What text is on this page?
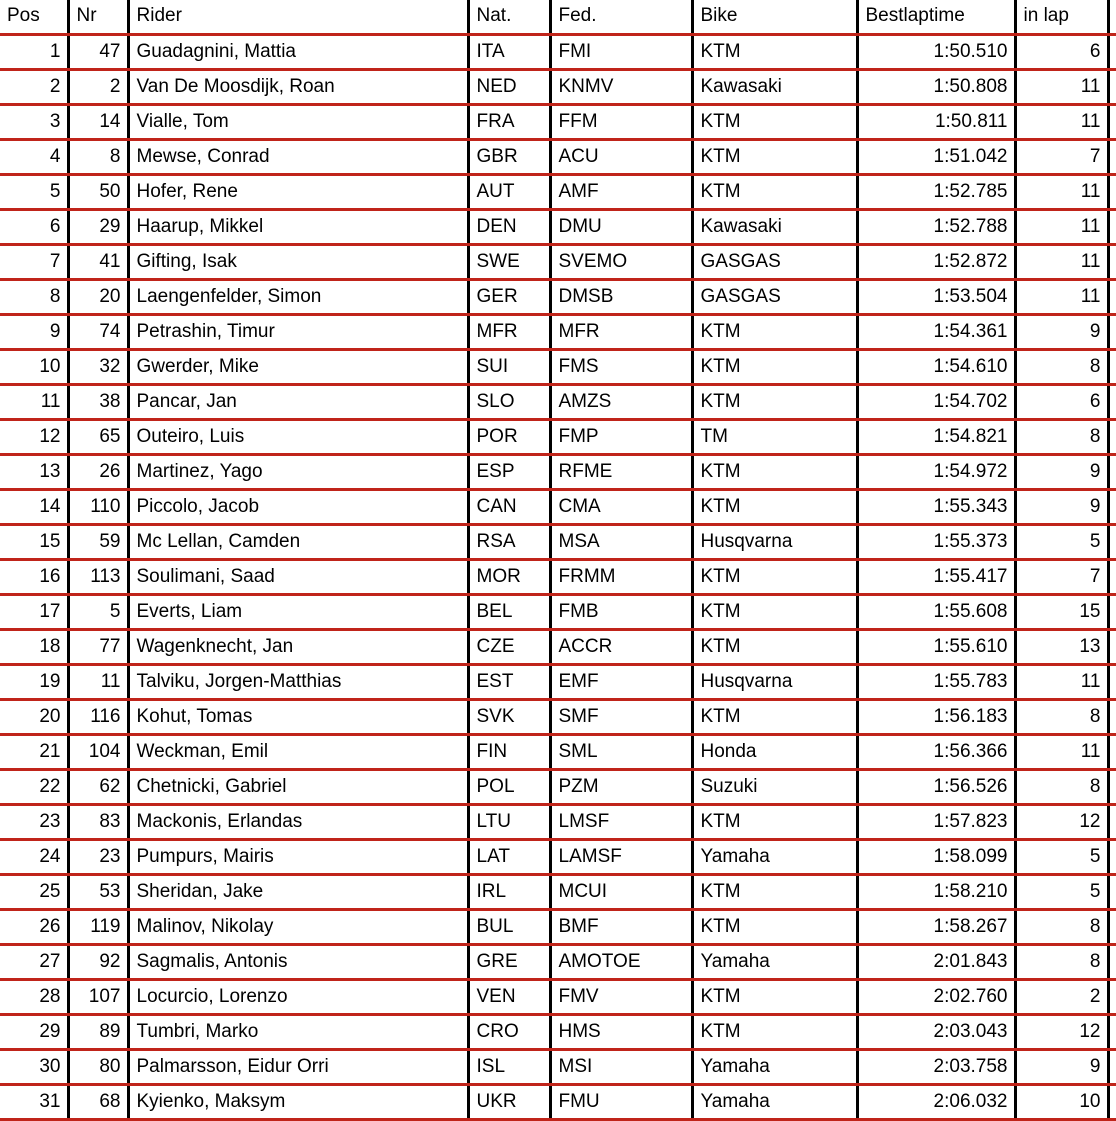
Pos	Nr	Rider	Nat.	Fed.	Bike	Bestlaptime	in lap	
1	47	Guadagnini, Mattia	ITA	FMI	KTM	1:50.510	6	
2	2	Van De Moosdijk, Roan	NED	KNMV	Kawasaki	1:50.808	11	
3	14	Vialle, Tom	FRA	FFM	KTM	1:50.811	11	
4	8	Mewse, Conrad	GBR	ACU	KTM	1:51.042	7	
5	50	Hofer, Rene	AUT	AMF	KTM	1:52.785	11	
6	29	Haarup, Mikkel	DEN	DMU	Kawasaki	1:52.788	11	
7	41	Gifting, Isak	SWE	SVEMO	GASGAS	1:52.872	11	
8	20	Laengenfelder, Simon	GER	DMSB	GASGAS	1:53.504	11	
9	74	Petrashin, Timur	MFR	MFR	KTM	1:54.361	9	
10	32	Gwerder, Mike	SUI	FMS	KTM	1:54.610	8	
11	38	Pancar, Jan	SLO	AMZS	KTM	1:54.702	6	
12	65	Outeiro, Luis	POR	FMP	TM	1:54.821	8	
13	26	Martinez, Yago	ESP	RFME	KTM	1:54.972	9	
14	110	Piccolo, Jacob	CAN	CMA	KTM	1:55.343	9	
15	59	Mc Lellan, Camden	RSA	MSA	Husqvarna	1:55.373	5	
16	113	Soulimani, Saad	MOR	FRMM	KTM	1:55.417	7	
17	5	Everts, Liam	BEL	FMB	KTM	1:55.608	15	
18	77	Wagenknecht, Jan	CZE	ACCR	KTM	1:55.610	13	
19	11	Talviku, Jorgen-Matthias	EST	EMF	Husqvarna	1:55.783	11	
20	116	Kohut, Tomas	SVK	SMF	KTM	1:56.183	8	
21	104	Weckman, Emil	FIN	SML	Honda	1:56.366	11	
22	62	Chetnicki, Gabriel	POL	PZM	Suzuki	1:56.526	8	
23	83	Mackonis, Erlandas	LTU	LMSF	KTM	1:57.823	12	
24	23	Pumpurs, Mairis	LAT	LAMSF	Yamaha	1:58.099	5	
25	53	Sheridan, Jake	IRL	MCUI	KTM	1:58.210	5	
26	119	Malinov, Nikolay	BUL	BMF	KTM	1:58.267	8	
27	92	Sagmalis, Antonis	GRE	AMOTOE	Yamaha	2:01.843	8	
28	107	Locurcio, Lorenzo	VEN	FMV	KTM	2:02.760	2	
29	89	Tumbri, Marko	CRO	HMS	KTM	2:03.043	12	
30	80	Palmarsson, Eidur Orri	ISL	MSI	Yamaha	2:03.758	9	
31	68	Kyienko, Maksym	UKR	FMU	Yamaha	2:06.032	10	
